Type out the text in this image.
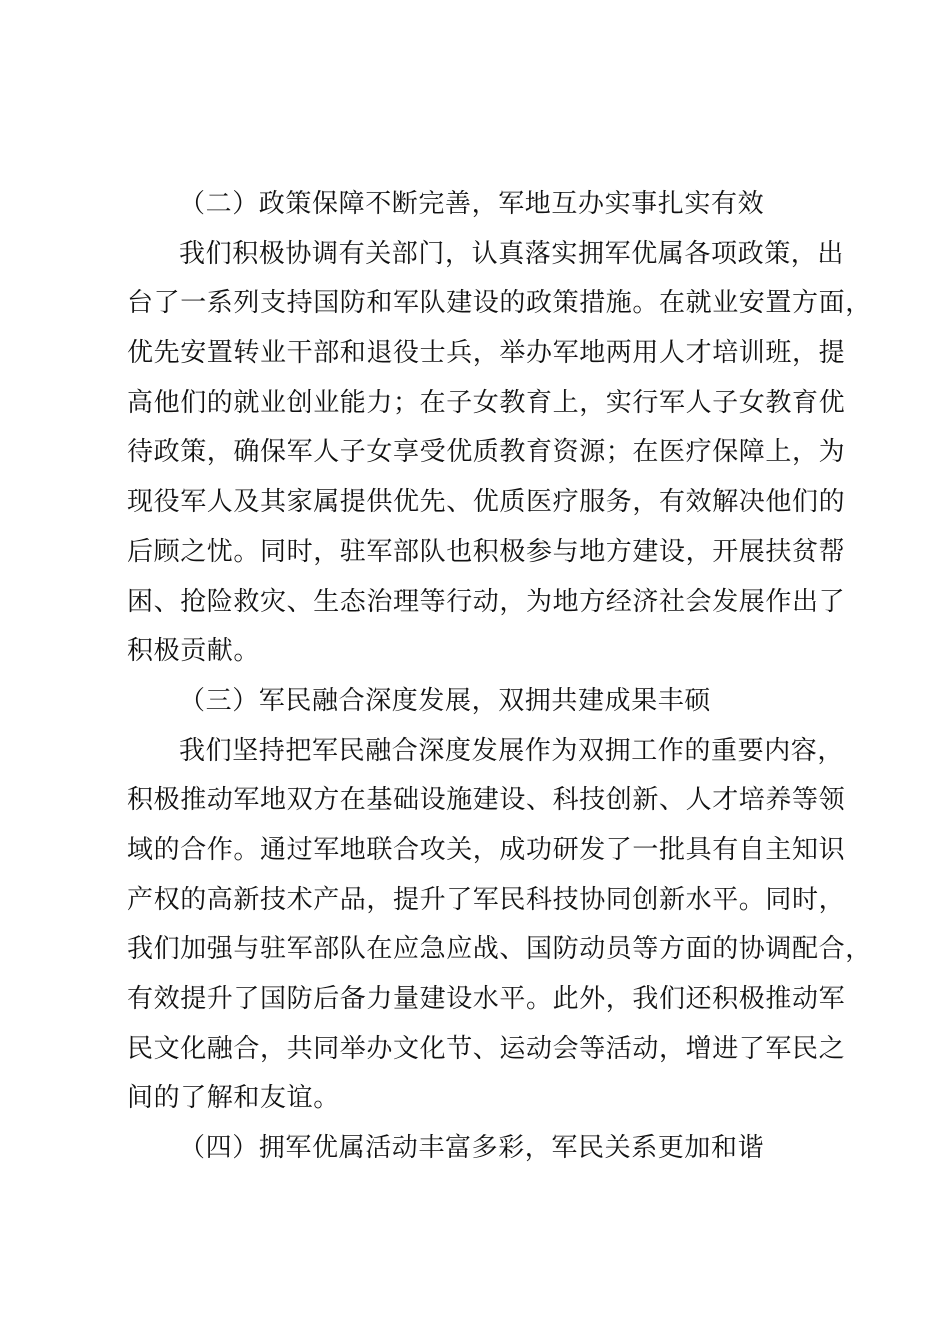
（二）政策保障不断完善，军地互办实事扎实有效
我们积极协调有关部门，认真落实拥军优属各项政策，出
台了一系列支持国防和军队建设的政策措施。在就业安置方面，
优先安置转业干部和退役士兵，举办军地两用人才培训班，提
高他们的就业创业能力；在子女教育上，实行军人子女教育优
待政策，确保军人子女享受优质教育资源；在医疗保障上，为
现役军人及其家属提供优先、优质医疗服务，有效解决他们的
后顾之忧。同时，驻军部队也积极参与地方建设，开展扶贫帮
困、抢险救灾、生态治理等行动，为地方经济社会发展作出了
积极贡献。
（三）军民融合深度发展，双拥共建成果丰硕
我们坚持把军民融合深度发展作为双拥工作的重要内容，
积极推动军地双方在基础设施建设、科技创新、人才培养等领
域的合作。通过军地联合攻关，成功研发了一批具有自主知识
产权的高新技术产品，提升了军民科技协同创新水平。同时，
我们加强与驻军部队在应急应战、国防动员等方面的协调配合，
有效提升了国防后备力量建设水平。此外，我们还积极推动军
民文化融合，共同举办文化节、运动会等活动，增进了军民之
间的了解和友谊。
（四）拥军优属活动丰富多彩，军民关系更加和谐
